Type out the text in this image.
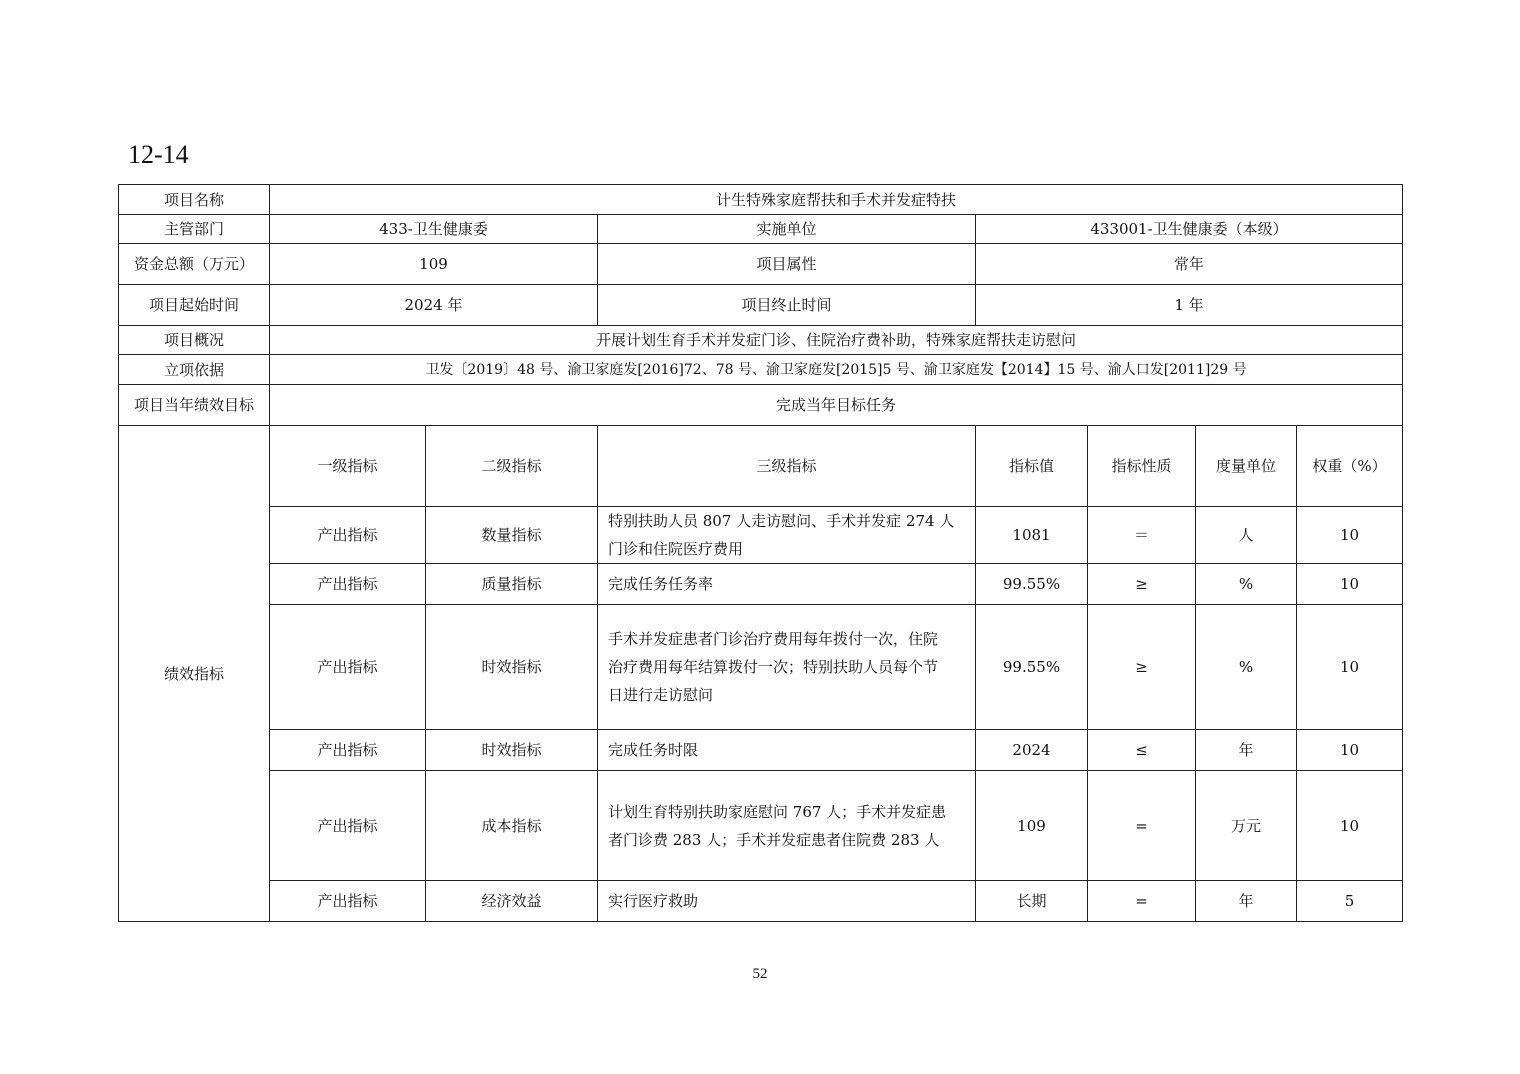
12-14
项目名称	计生特殊家庭帮扶和手术并发症特扶						
主管部门	433-卫生健康委		实施单位	433001-卫生健康委（本级）			
资金总额（万元）	109		项目属性	常年			
项目起始时间	2024 年		项目终止时间	1 年			
项目概况	开展计划生育手术并发症门诊、住院治疗费补助，特殊家庭帮扶走访慰问						
立项依据	卫发〔2019〕48 号、渝卫家庭发[2016]72、78 号、渝卫家庭发[2015]5 号、渝卫家庭发【2014】15 号、渝人口发[2011]29 号						
项目当年绩效目标	完成当年目标任务						
绩效指标	一级指标	二级指标	三级指标	指标值	指标性质	度量单位	权重（%）
	产出指标	数量指标	特别扶助人员 807 人走访慰问、手术并发症 274 人
门诊和住院医疗费用	1081	＝	人	10
	产出指标	质量指标	完成任务任务率	99.55%	≥	%	10
	产出指标	时效指标	手术并发症患者门诊治疗费用每年拨付一次，住院
治疗费用每年结算拨付一次；特别扶助人员每个节
日进行走访慰问	99.55%	≥	%	10
	产出指标	时效指标	完成任务时限	2024	≤	年	10
	产出指标	成本指标	计划生育特别扶助家庭慰问 767 人；手术并发症患
者门诊费 283 人；手术并发症患者住院费 283 人	109	=	万元	10
	产出指标	经济效益	实行医疗救助	长期	=	年	5
52
